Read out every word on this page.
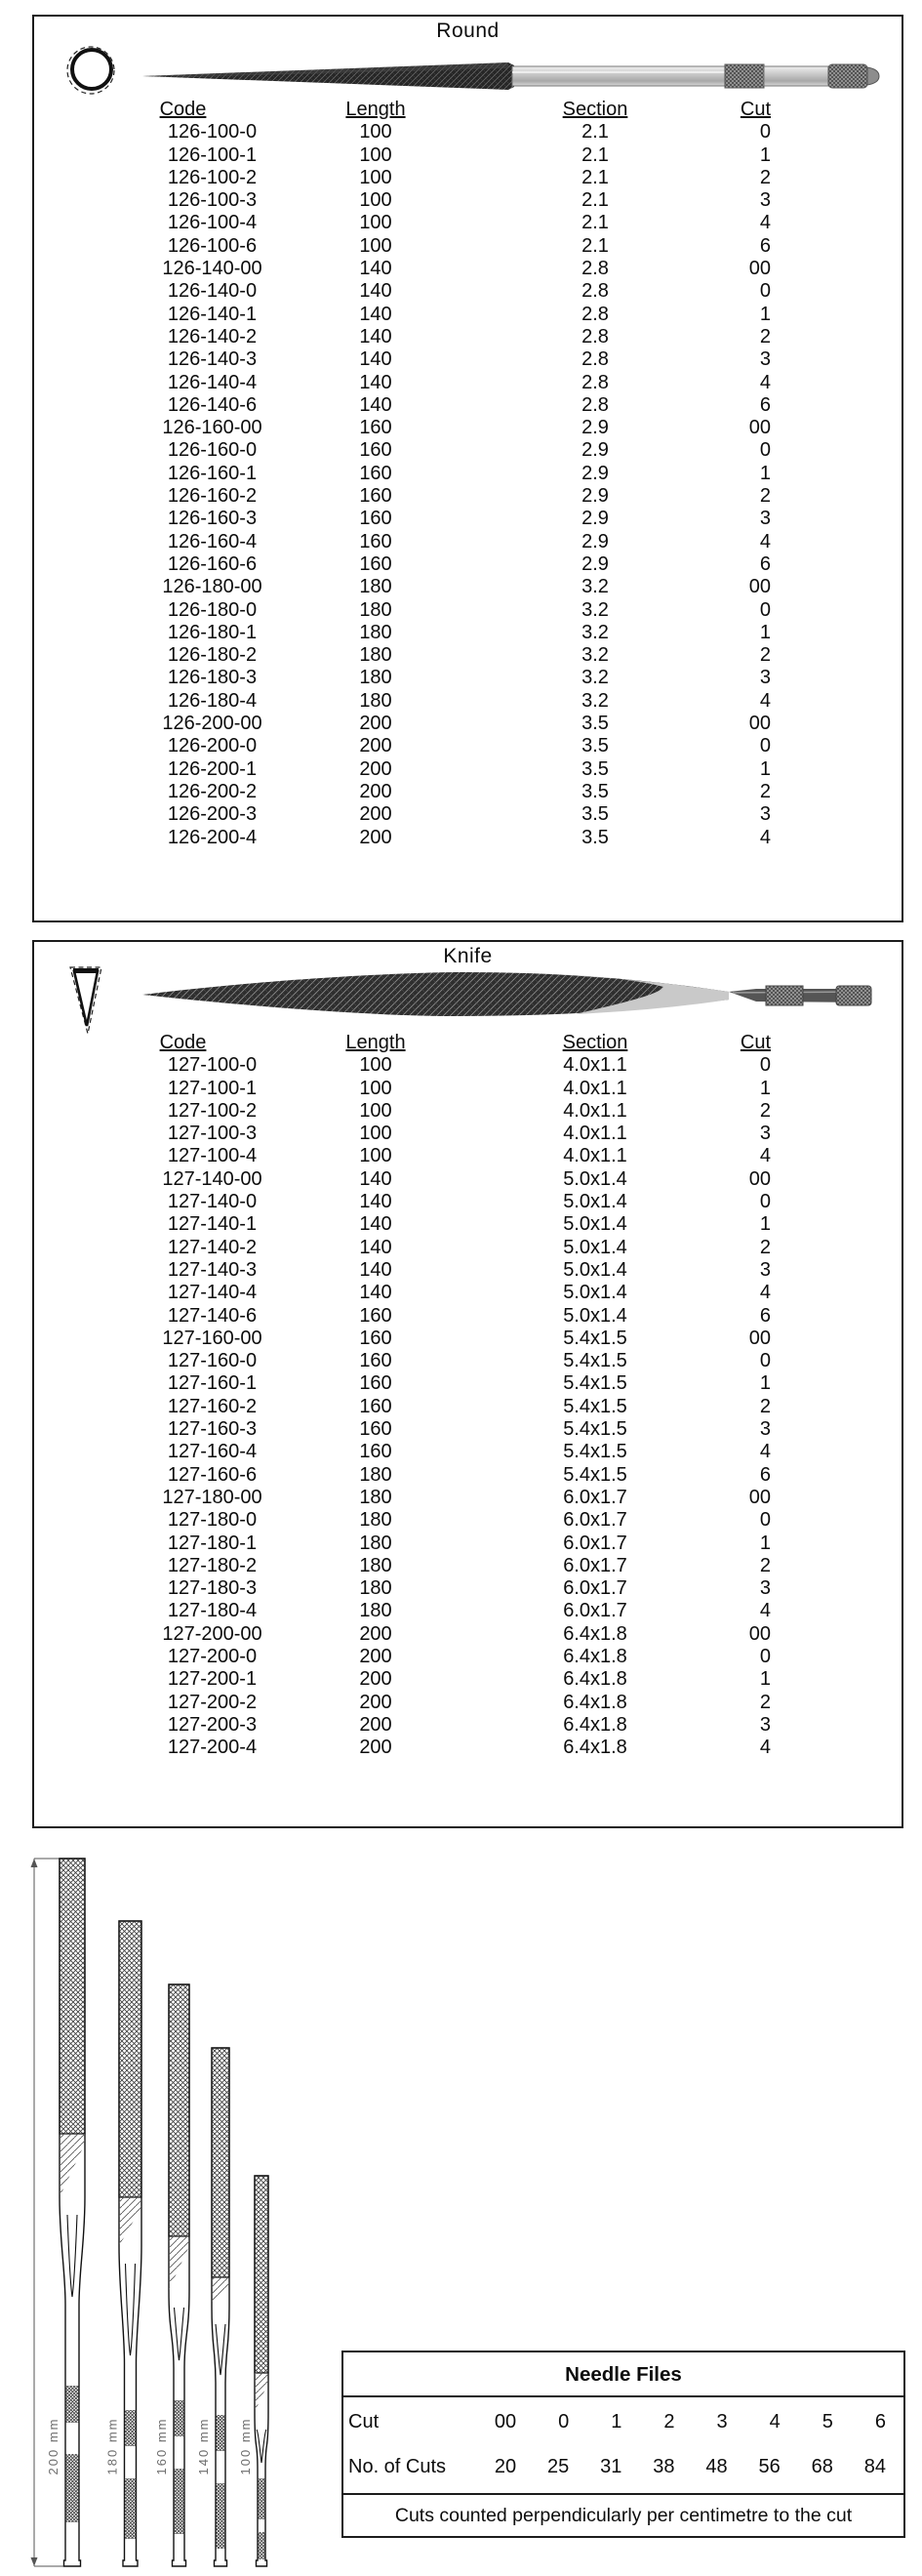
Round
Code	Length	Section	Cut
126-100-0	100	2.1	0
126-100-1	100	2.1	1
126-100-2	100	2.1	2
126-100-3	100	2.1	3
126-100-4	100	2.1	4
126-100-6	100	2.1	6
126-140-00	140	2.8	00
126-140-0	140	2.8	0
126-140-1	140	2.8	1
126-140-2	140	2.8	2
126-140-3	140	2.8	3
126-140-4	140	2.8	4
126-140-6	140	2.8	6
126-160-00	160	2.9	00
126-160-0	160	2.9	0
126-160-1	160	2.9	1
126-160-2	160	2.9	2
126-160-3	160	2.9	3
126-160-4	160	2.9	4
126-160-6	160	2.9	6
126-180-00	180	3.2	00
126-180-0	180	3.2	0
126-180-1	180	3.2	1
126-180-2	180	3.2	2
126-180-3	180	3.2	3
126-180-4	180	3.2	4
126-200-00	200	3.5	00
126-200-0	200	3.5	0
126-200-1	200	3.5	1
126-200-2	200	3.5	2
126-200-3	200	3.5	3
126-200-4	200	3.5	4
Knife
Code	Length	Section	Cut
127-100-0	100	4.0x1.1	0
127-100-1	100	4.0x1.1	1
127-100-2	100	4.0x1.1	2
127-100-3	100	4.0x1.1	3
127-100-4	100	4.0x1.1	4
127-140-00	140	5.0x1.4	00
127-140-0	140	5.0x1.4	0
127-140-1	140	5.0x1.4	1
127-140-2	140	5.0x1.4	2
127-140-3	140	5.0x1.4	3
127-140-4	140	5.0x1.4	4
127-140-6	160	5.0x1.4	6
127-160-00	160	5.4x1.5	00
127-160-0	160	5.4x1.5	0
127-160-1	160	5.4x1.5	1
127-160-2	160	5.4x1.5	2
127-160-3	160	5.4x1.5	3
127-160-4	160	5.4x1.5	4
127-160-6	180	5.4x1.5	6
127-180-00	180	6.0x1.7	00
127-180-0	180	6.0x1.7	0
127-180-1	180	6.0x1.7	1
127-180-2	180	6.0x1.7	2
127-180-3	180	6.0x1.7	3
127-180-4	180	6.0x1.7	4
127-200-00	200	6.4x1.8	00
127-200-0	200	6.4x1.8	0
127-200-1	200	6.4x1.8	1
127-200-2	200	6.4x1.8	2
127-200-3	200	6.4x1.8	3
127-200-4	200	6.4x1.8	4
200 mm	180 mm	160 mm 140 mm 100 mm
Needle Files
Cut	00	0	1	2	3	4	5	6
No. of Cuts	20	25	31	38	48	56	68	84
Cuts counted perpendicularly per centimetre to the cut
